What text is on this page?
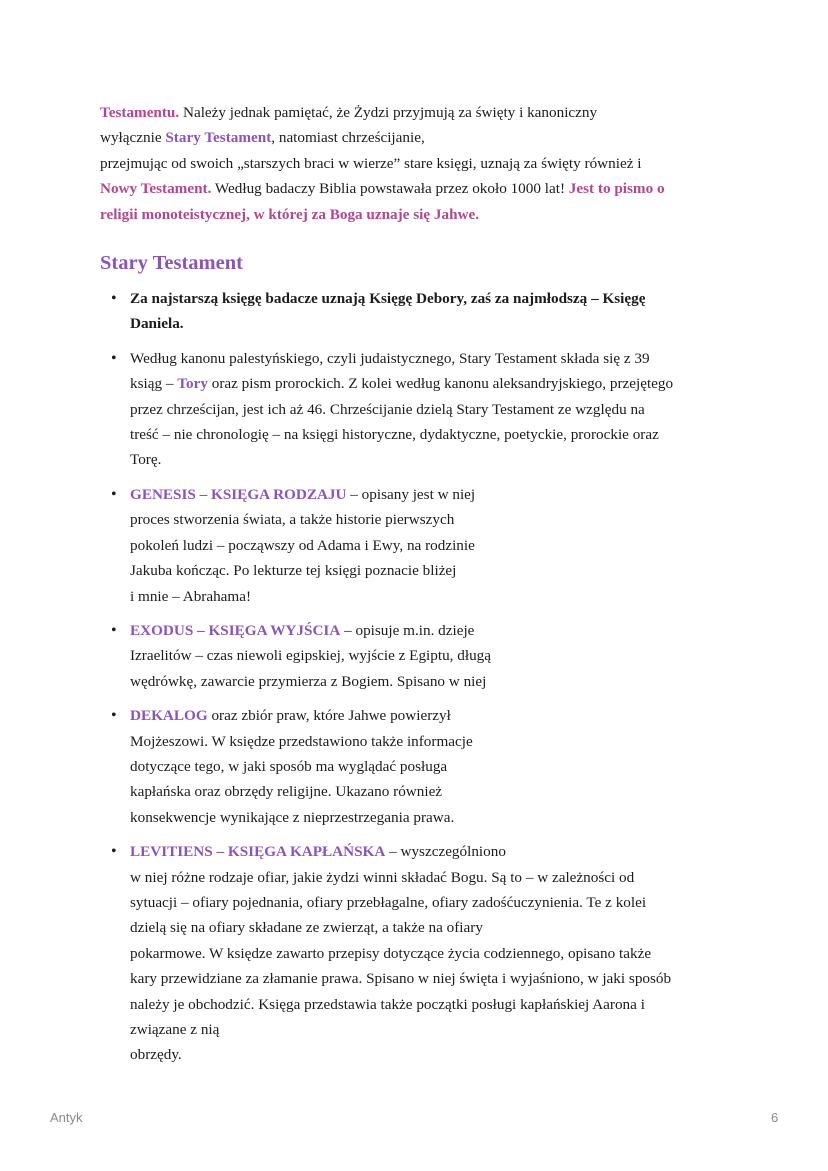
Testamentu. Należy jednak pamiętać, że Żydzi przyjmują za święty i kanoniczny
wyłącznie Stary Testament, natomiast chrześcijanie,
przejmując od swoich „starszych braci w wierze” stare księgi, uznają za święty również i
Nowy Testament. Według badaczy Biblia powstawała przez około 1000 lat! Jest to pismo o
religii monoteistycznej, w której za Boga uznaje się Jahwe.
Stary Testament
• Za najstarszą księgę badacze uznają Księgę Debory, zaś za najmłodszą – Księgę
Daniela.
• Według kanonu palestyńskiego, czyli judaistycznego, Stary Testament składa się z 39
ksiąg – Tory oraz pism prorockich. Z kolei według kanonu aleksandryjskiego, przejętego
przez chrześcijan, jest ich aż 46. Chrześcijanie dzielą Stary Testament ze względu na
treść – nie chronologię – na księgi historyczne, dydaktyczne, poetyckie, prorockie oraz
Torę.
• GENESIS – KSIĘGA RODZAJU – opisany jest w niej
proces stworzenia świata, a także historie pierwszych
pokoleń ludzi – począwszy od Adama i Ewy, na rodzinie
Jakuba kończąc. Po lekturze tej księgi poznacie bliżej
i mnie – Abrahama!
• EXODUS – KSIĘGA WYJŚCIA – opisuje m.in. dzieje
Izraelitów – czas niewoli egipskiej, wyjście z Egiptu, długą
wędrówkę, zawarcie przymierza z Bogiem. Spisano w niej
• DEKALOG oraz zbiór praw, które Jahwe powierzył
Mojżeszowi. W księdze przedstawiono także informacje
dotyczące tego, w jaki sposób ma wyglądać posługa
kapłańska oraz obrzędy religijne. Ukazano również
konsekwencje wynikające z nieprzestrzegania prawa.
• LEVITIENS – KSIĘGA KAPŁAŃSKA – wyszczególniono
w niej różne rodzaje ofiar, jakie żydzi winni składać Bogu. Są to – w zależności od
sytuacji – ofiary pojednania, ofiary przebłagalne, ofiary zadośćuczynienia. Te z kolei
dzielą się na ofiary składane ze zwierząt, a także na ofiary
pokarmowe. W księdze zawarto przepisy dotyczące życia codziennego, opisano także
kary przewidziane za złamanie prawa. Spisano w niej święta i wyjaśniono, w jaki sposób
należy je obchodzić. Księga przedstawia także początki posługi kapłańskiej Aarona i
związane z nią
obrzędy.
Antyk	6
